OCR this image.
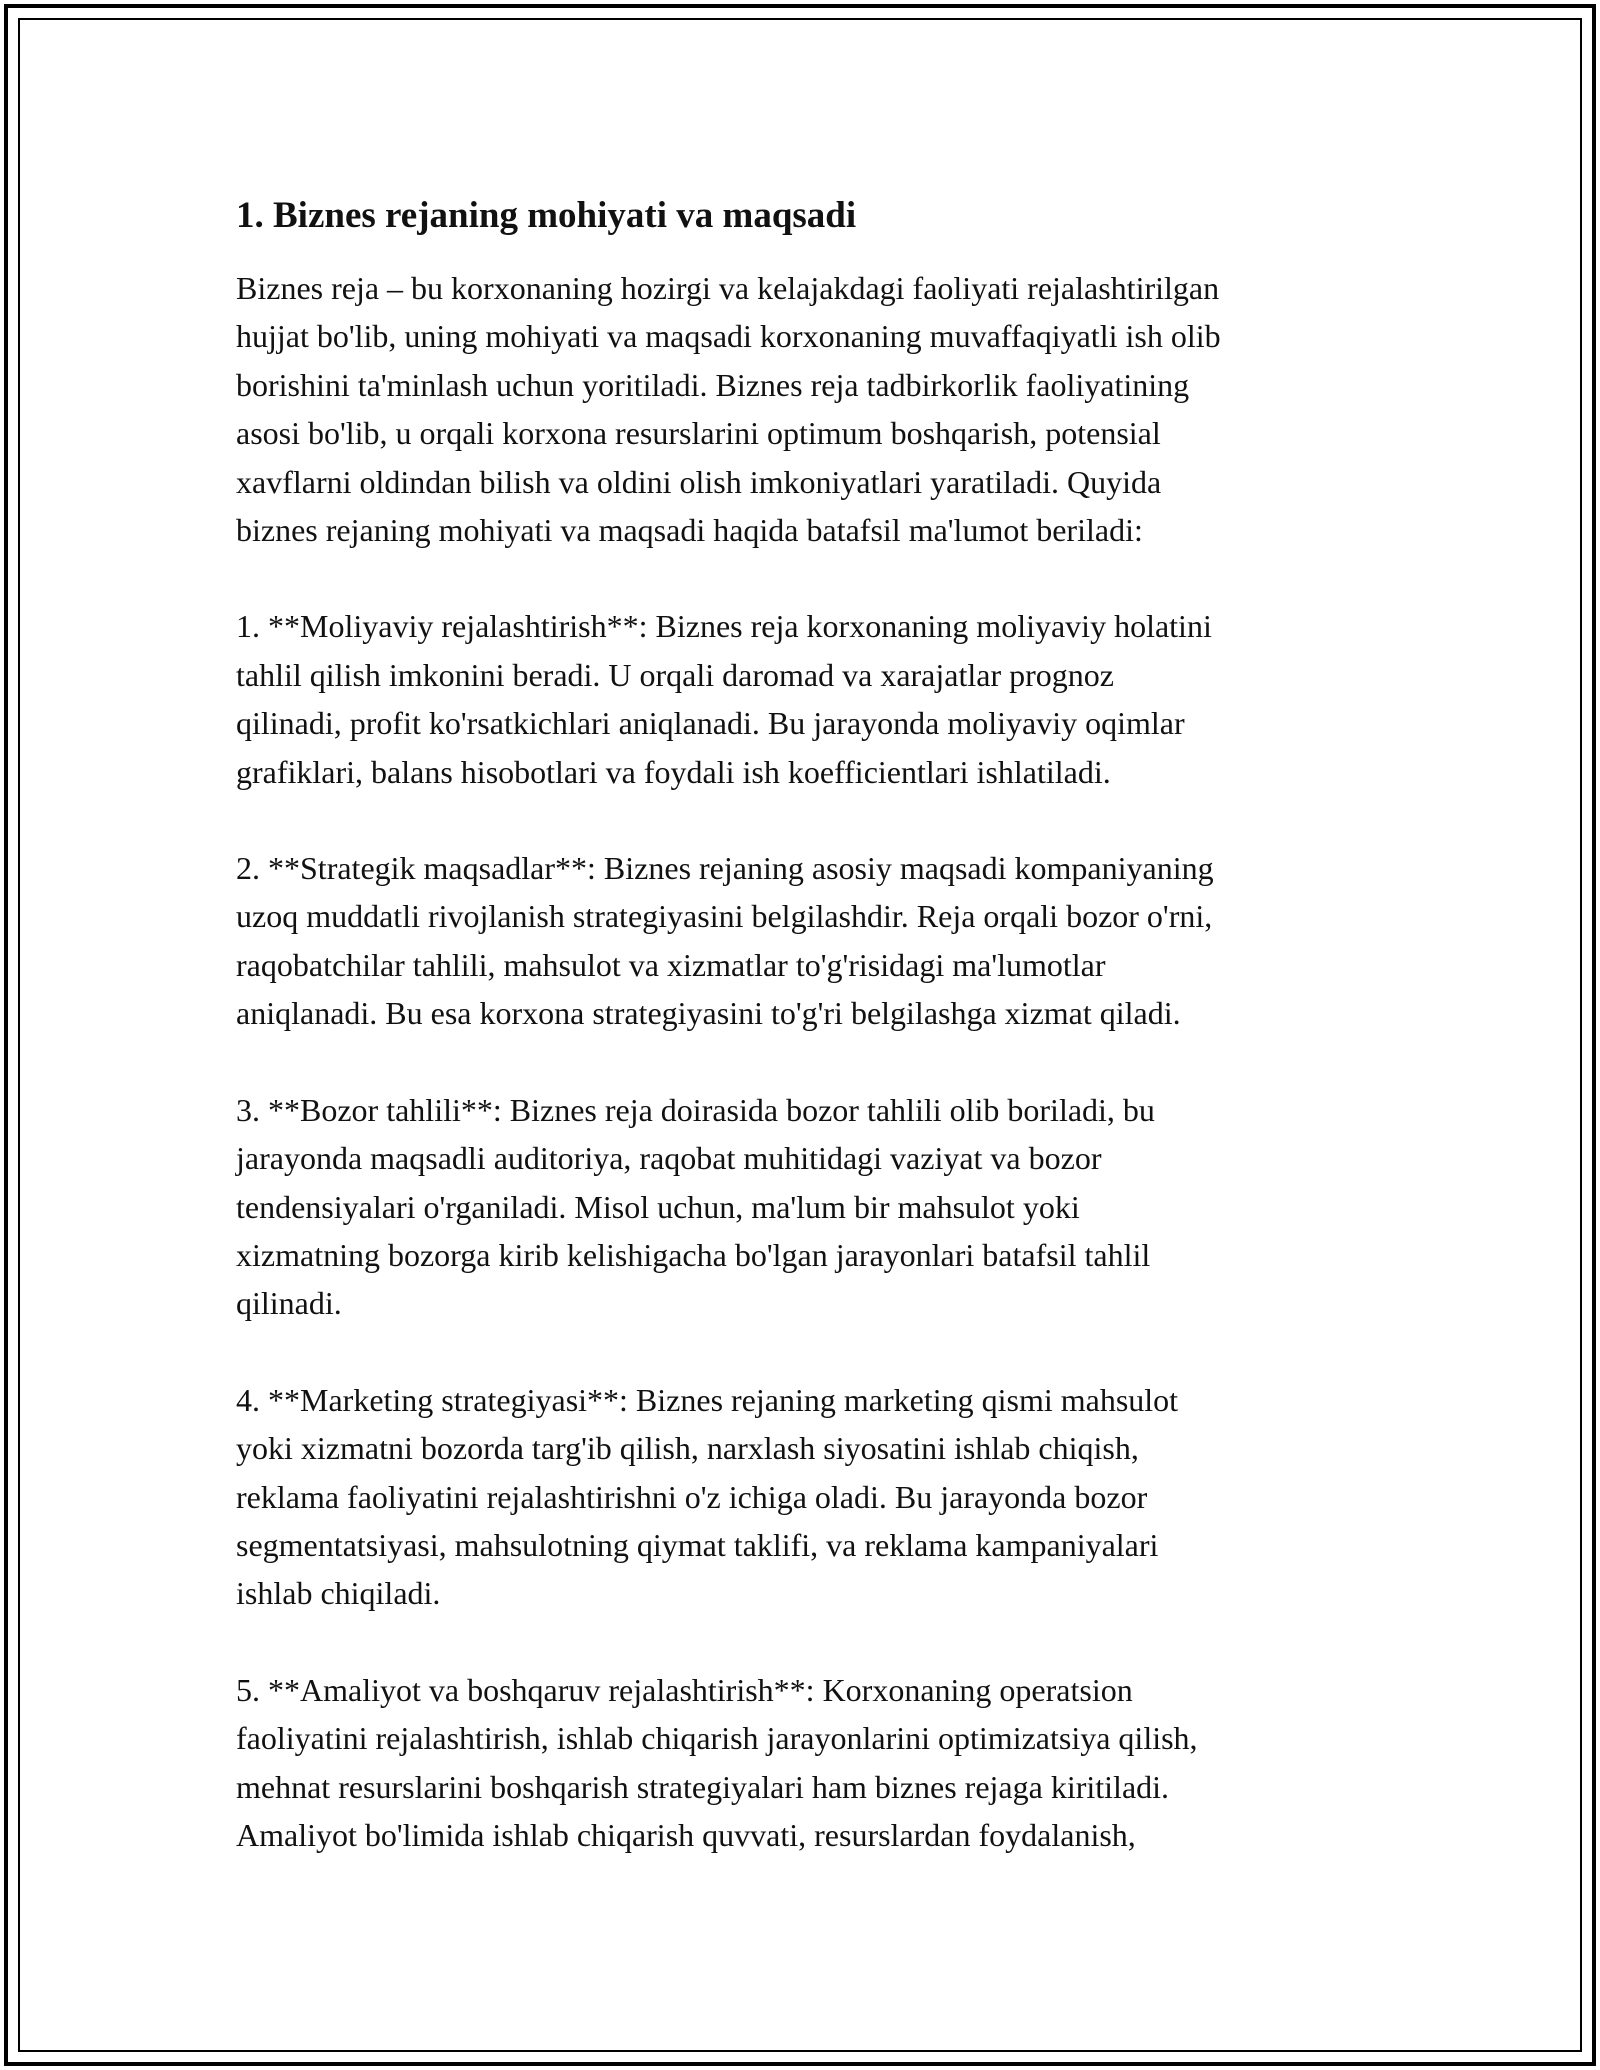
1. Biznes rejaning mohiyati va maqsadi
Biznes reja – bu korxonaning hozirgi va kelajakdagi faoliyati rejalashtirilgan
hujjat bo'lib, uning mohiyati va maqsadi korxonaning muvaffaqiyatli ish olib
borishini ta'minlash uchun yoritiladi. Biznes reja tadbirkorlik faoliyatining
asosi bo'lib, u orqali korxona resurslarini optimum boshqarish, potensial
xavflarni oldindan bilish va oldini olish imkoniyatlari yaratiladi. Quyida
biznes rejaning mohiyati va maqsadi haqida batafsil ma'lumot beriladi:
1. **Moliyaviy rejalashtirish**: Biznes reja korxonaning moliyaviy holatini
tahlil qilish imkonini beradi. U orqali daromad va xarajatlar prognoz
qilinadi, profit ko'rsatkichlari aniqlanadi. Bu jarayonda moliyaviy oqimlar
grafiklari, balans hisobotlari va foydali ish koefficientlari ishlatiladi.
2. **Strategik maqsadlar**: Biznes rejaning asosiy maqsadi kompaniyaning
uzoq muddatli rivojlanish strategiyasini belgilashdir. Reja orqali bozor o'rni,
raqobatchilar tahlili, mahsulot va xizmatlar to'g'risidagi ma'lumotlar
aniqlanadi. Bu esa korxona strategiyasini to'g'ri belgilashga xizmat qiladi.
3. **Bozor tahlili**: Biznes reja doirasida bozor tahlili olib boriladi, bu
jarayonda maqsadli auditoriya, raqobat muhitidagi vaziyat va bozor
tendensiyalari o'rganiladi. Misol uchun, ma'lum bir mahsulot yoki
xizmatning bozorga kirib kelishigacha bo'lgan jarayonlari batafsil tahlil
qilinadi.
4. **Marketing strategiyasi**: Biznes rejaning marketing qismi mahsulot
yoki xizmatni bozorda targ'ib qilish, narxlash siyosatini ishlab chiqish,
reklama faoliyatini rejalashtirishni o'z ichiga oladi. Bu jarayonda bozor
segmentatsiyasi, mahsulotning qiymat taklifi, va reklama kampaniyalari
ishlab chiqiladi.
5. **Amaliyot va boshqaruv rejalashtirish**: Korxonaning operatsion
faoliyatini rejalashtirish, ishlab chiqarish jarayonlarini optimizatsiya qilish,
mehnat resurslarini boshqarish strategiyalari ham biznes rejaga kiritiladi.
Amaliyot bo'limida ishlab chiqarish quvvati, resurslardan foydalanish,
